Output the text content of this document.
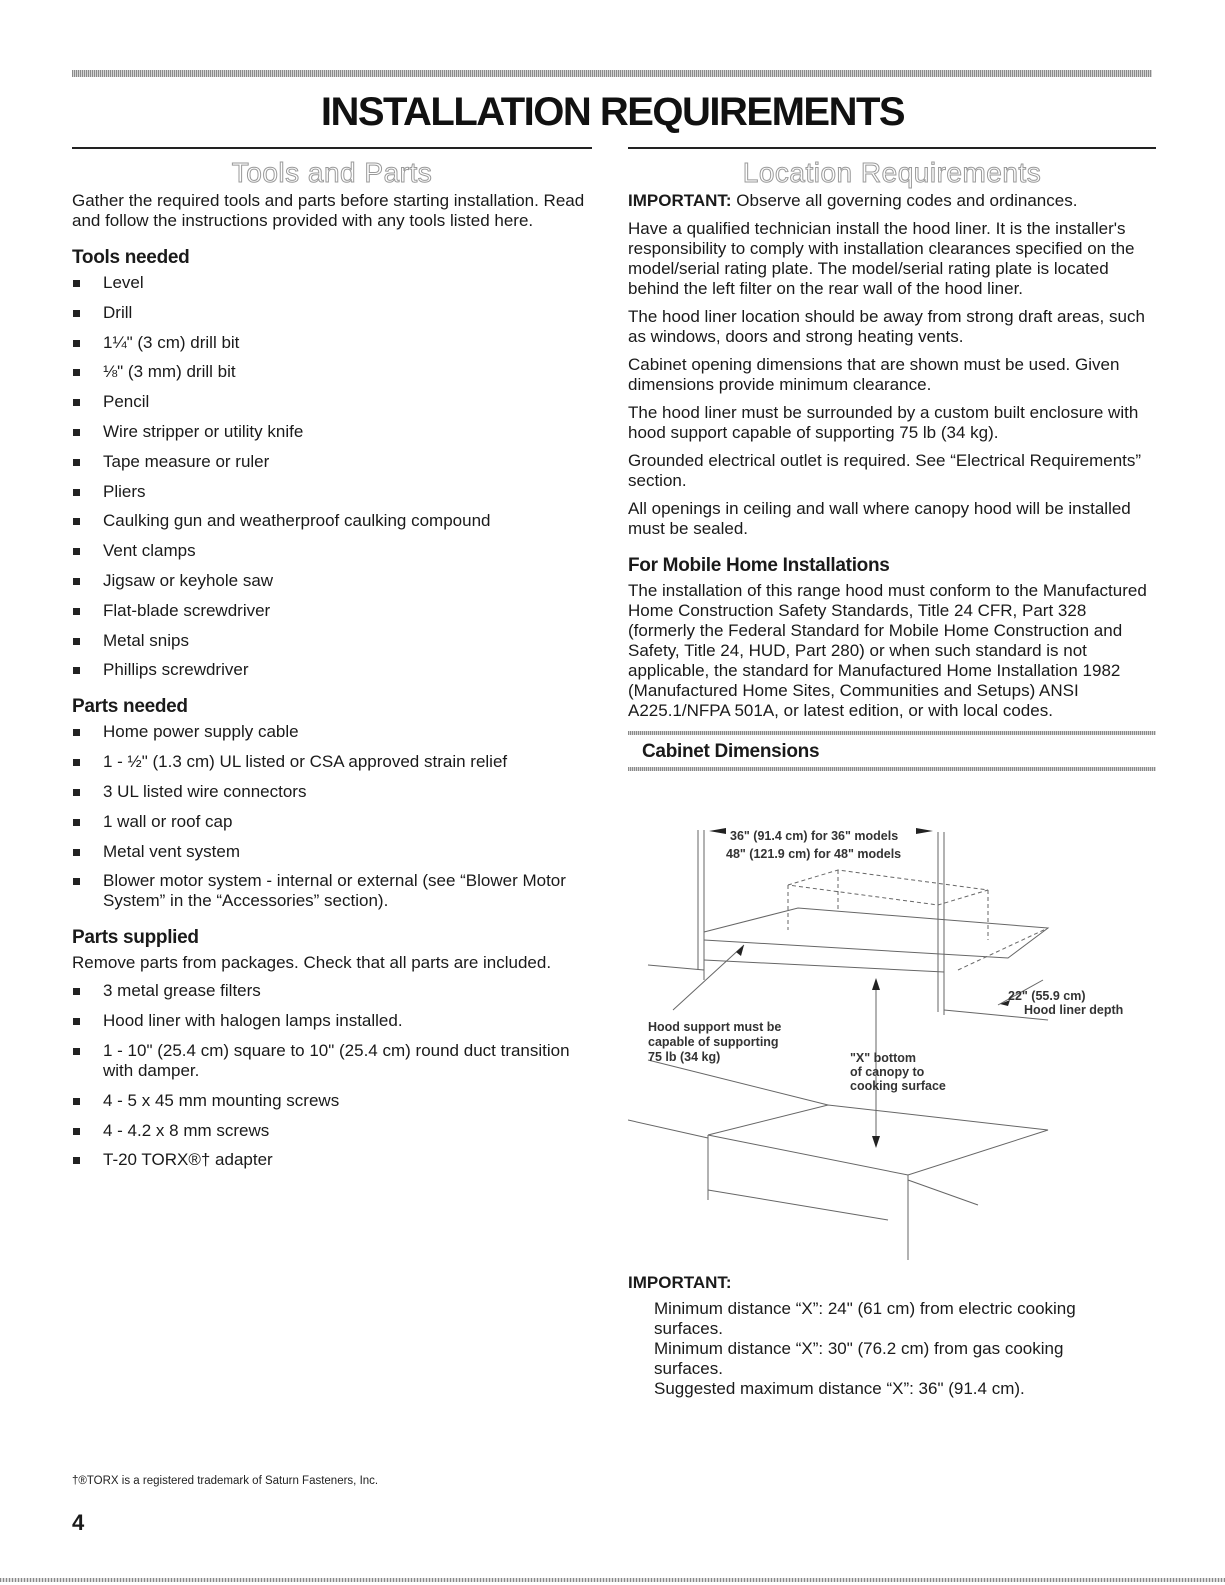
INSTALLATION REQUIREMENTS
Tools and Parts

Gather the required tools and parts before starting installation. Read and follow the instructions provided with any tools listed here.

Tools needed
Level
Drill
1¼" (3 cm) drill bit
⅛" (3 mm) drill bit
Pencil
Wire stripper or utility knife
Tape measure or ruler
Pliers
Caulking gun and weatherproof caulking compound
Vent clamps
Jigsaw or keyhole saw
Flat-blade screwdriver
Metal snips
Phillips screwdriver
Parts needed
Home power supply cable
1 - ½" (1.3 cm) UL listed or CSA approved strain relief
3 UL listed wire connectors
1 wall or roof cap
Metal vent system
Blower motor system - internal or external (see “Blower Motor System” in the “Accessories” section).
Parts supplied

Remove parts from packages. Check that all parts are included.

3 metal grease filters
Hood liner with halogen lamps installed.
1 - 10" (25.4 cm) square to 10" (25.4 cm) round duct transition with damper.
4 - 5 x 45 mm mounting screws
4 - 4.2 x 8 mm screws
T-20 TORX®† adapter
Location Requirements

IMPORTANT: Observe all governing codes and ordinances.

Have a qualified technician install the hood liner. It is the installer's responsibility to comply with installation clearances specified on the model/serial rating plate. The model/serial rating plate is located behind the left filter on the rear wall of the hood liner.

The hood liner location should be away from strong draft areas, such as windows, doors and strong heating vents.

Cabinet opening dimensions that are shown must be used. Given dimensions provide minimum clearance.

The hood liner must be surrounded by a custom built enclosure with hood support capable of supporting 75 lb (34 kg).

Grounded electrical outlet is required. See “Electrical Requirements” section.

All openings in ceiling and wall where canopy hood will be installed must be sealed.

For Mobile Home Installations

The installation of this range hood must conform to the Manufactured Home Construction Safety Standards, Title 24 CFR, Part 328 (formerly the Federal Standard for Mobile Home Construction and Safety, Title 24, HUD, Part 280) or when such standard is not applicable, the standard for Manufactured Home Installation 1982 (Manufactured Home Sites, Communities and Setups) ANSI A225.1/NFPA 501A, or latest edition, or with local codes.

Cabinet Dimensions
36" (91.4 cm) for 36" models
48" (121.9 cm) for 48" models
22" (55.9 cm)
Hood liner depth
Hood support must be
capable of supporting
75 lb (34 kg)	"X" bottom
of canopy to
cooking surface
IMPORTANT:
Minimum distance “X”: 24" (61 cm) from electric cooking
surfaces.
Minimum distance “X”: 30" (76.2 cm) from gas cooking
surfaces.
Suggested maximum distance “X”: 36" (91.4 cm).
†®TORX is a registered trademark of Saturn Fasteners, Inc.
4
